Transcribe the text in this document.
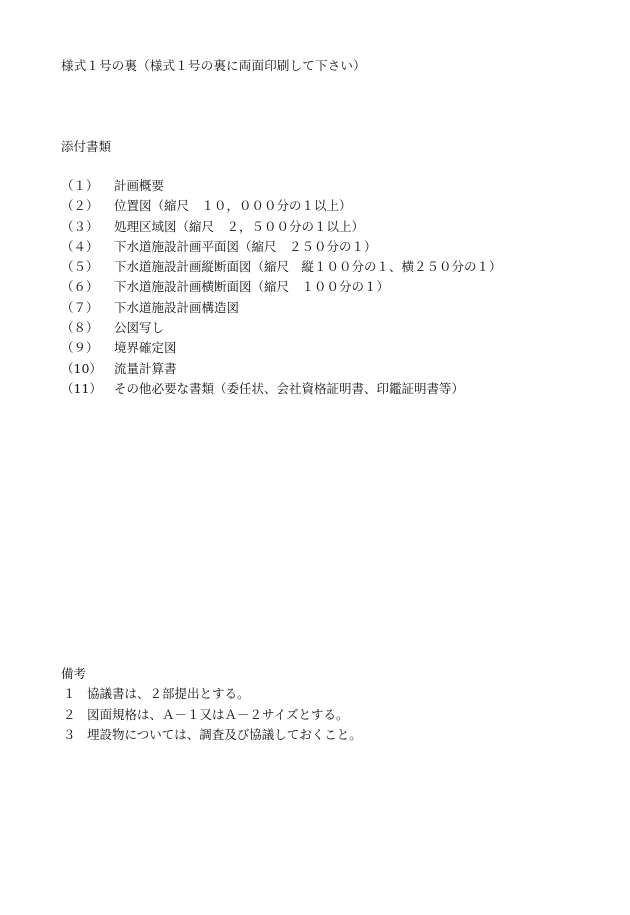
様式１号の裏（様式１号の裏に両面印刷して下さい）
添付書類
（１）	計画概要
（２）	位置図（縮尺　１０，０００分の１以上）
（３）	処理区域図（縮尺　２，５００分の１以上）
（４）	下水道施設計画平面図（縮尺　２５０分の１）
（５）	下水道施設計画縦断面図（縮尺　縦１００分の１、横２５０分の１）
（６）	下水道施設計画横断面図（縮尺　１００分の１）
（７）	下水道施設計画構造図
（８）	公図写し
（９）	境界確定図
（10） 流量計算書
（11） その他必要な書類（委任状、会社資格証明書、印鑑証明書等）
備考
１ 協議書は、２部提出とする。
２ 図面規格は、Ａ－１又はＡ－２サイズとする。
３ 埋設物については、調査及び協議しておくこと。
